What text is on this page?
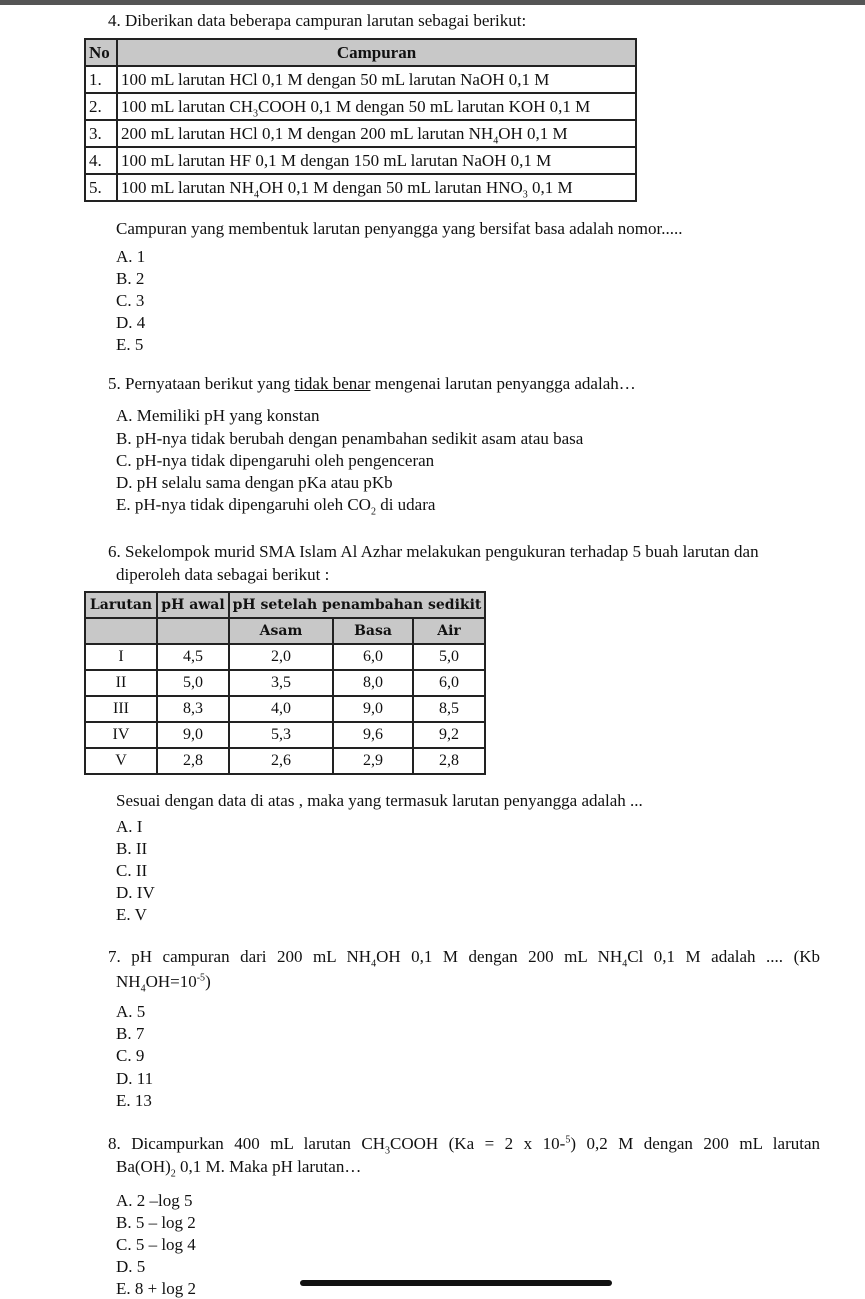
4. Diberikan data beberapa campuran larutan sebagai berikut:
No	Campuran
1.	100 mL larutan HCl 0,1 M dengan 50 mL larutan NaOH 0,1 M
2.	100 mL larutan $CH_3COOH$ 0,1 M dengan 50 mL larutan KOH 0,1 M
3.	200 mL larutan HCl 0,1 M dengan 200 mL larutan $NH_4OH$ 0,1 M
4.	100 mL larutan HF 0,1 M dengan 150 mL larutan NaOH 0,1 M
5.	100 mL larutan $NH_4OH$ 0,1 M dengan 50 mL larutan $HNO_3$ 0,1 M
Campuran yang membentuk larutan penyangga yang bersifat basa adalah nomor.....
A. 1
B. 2
C. 3
D. 4
E. 5
5. Pernyataan berikut yang tidak benar mengenai larutan penyangga adalah…
A. Memiliki pH yang konstan
B. pH-nya tidak berubah dengan penambahan sedikit asam atau basa
C. pH-nya tidak dipengaruhi oleh pengenceran
D. pH selalu sama dengan pKa atau pKb
E. pH-nya tidak dipengaruhi oleh $CO_2$ di udara
6. Sekelompok murid SMA Islam Al Azhar melakukan pengukuran terhadap 5 buah larutan dan
diperoleh data sebagai berikut :
Larutan	pH awal	pH setelah penambahan sedikit		
		Asam	Basa	Air
I	4,5	2,0	6,0	5,0
II	5,0	3,5	8,0	6,0
III	8,3	4,0	9,0	8,5
IV	9,0	5,3	9,6	9,2
V	2,8	2,6	2,9	2,8
Sesuai dengan data di atas , maka yang termasuk larutan penyangga adalah ...
A. I
B. II
C. II
D. IV
E. V
7. pH campuran dari 200 mL $NH_4OH$ 0,1 M dengan 200 mL $NH_4Cl$ 0,1 M adalah .... (Kb
$NH_4OH=10^{-5}$)
A. 5
B. 7
C. 9
D. 11
E. 13
8. Dicampurkan 400 mL larutan $CH_3COOH$ (Ka = 2 x 10-$^5$) 0,2 M dengan 200 mL larutan
$Ba(OH)_2$ 0,1 M. Maka pH larutan…
A. 2 –log 5
B. 5 – log 2
C. 5 – log 4
D. 5
E. 8 + log 2
